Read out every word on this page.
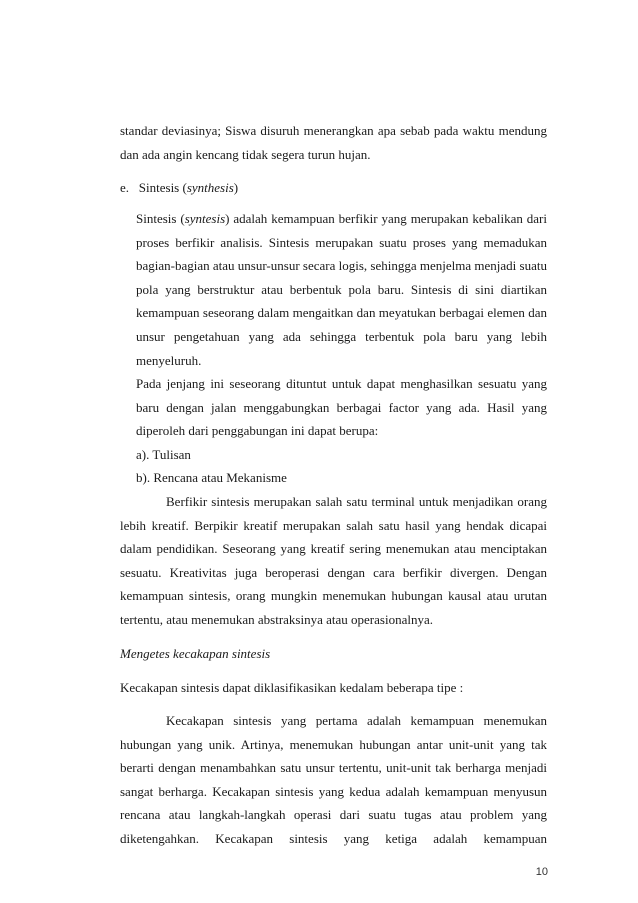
standar deviasinya; Siswa disuruh menerangkan apa sebab pada waktu mendung

dan ada angin kencang tidak segera turun hujan.

e. Sintesis (synthesis)

Sintesis (syntesis) adalah kemampuan berfikir yang merupakan kebalikan dari

proses berfikir analisis. Sintesis merupakan suatu proses yang memadukan

bagian-bagian atau unsur-unsur secara logis, sehingga menjelma menjadi suatu

pola yang berstruktur atau berbentuk pola baru. Sintesis di sini diartikan

kemampuan seseorang dalam mengaitkan dan meyatukan berbagai elemen dan

unsur pengetahuan yang ada sehingga terbentuk pola baru yang lebih

menyeluruh.

Pada jenjang ini seseorang dituntut untuk dapat menghasilkan sesuatu yang

baru dengan jalan menggabungkan berbagai factor yang ada. Hasil yang

diperoleh dari penggabungan ini dapat berupa:

a). Tulisan

b). Rencana atau Mekanisme

Berfikir sintesis merupakan salah satu terminal untuk menjadikan orang

lebih kreatif. Berpikir kreatif merupakan salah satu hasil yang hendak dicapai

dalam pendidikan. Seseorang yang kreatif sering menemukan atau menciptakan

sesuatu. Kreativitas juga beroperasi dengan cara berfikir divergen. Dengan

kemampuan sintesis, orang mungkin menemukan hubungan kausal atau urutan

tertentu, atau menemukan abstraksinya atau operasionalnya.

Mengetes kecakapan sintesis

Kecakapan sintesis dapat diklasifikasikan kedalam beberapa tipe :

Kecakapan sintesis yang pertama adalah kemampuan menemukan

hubungan yang unik. Artinya, menemukan hubungan antar unit-unit yang tak

berarti dengan menambahkan satu unsur tertentu, unit-unit tak berharga menjadi

sangat berharga. Kecakapan sintesis yang kedua adalah kemampuan menyusun

rencana atau langkah-langkah operasi dari suatu tugas atau problem yang

diketengahkan. Kecakapan sintesis yang ketiga adalah kemampuan

10
